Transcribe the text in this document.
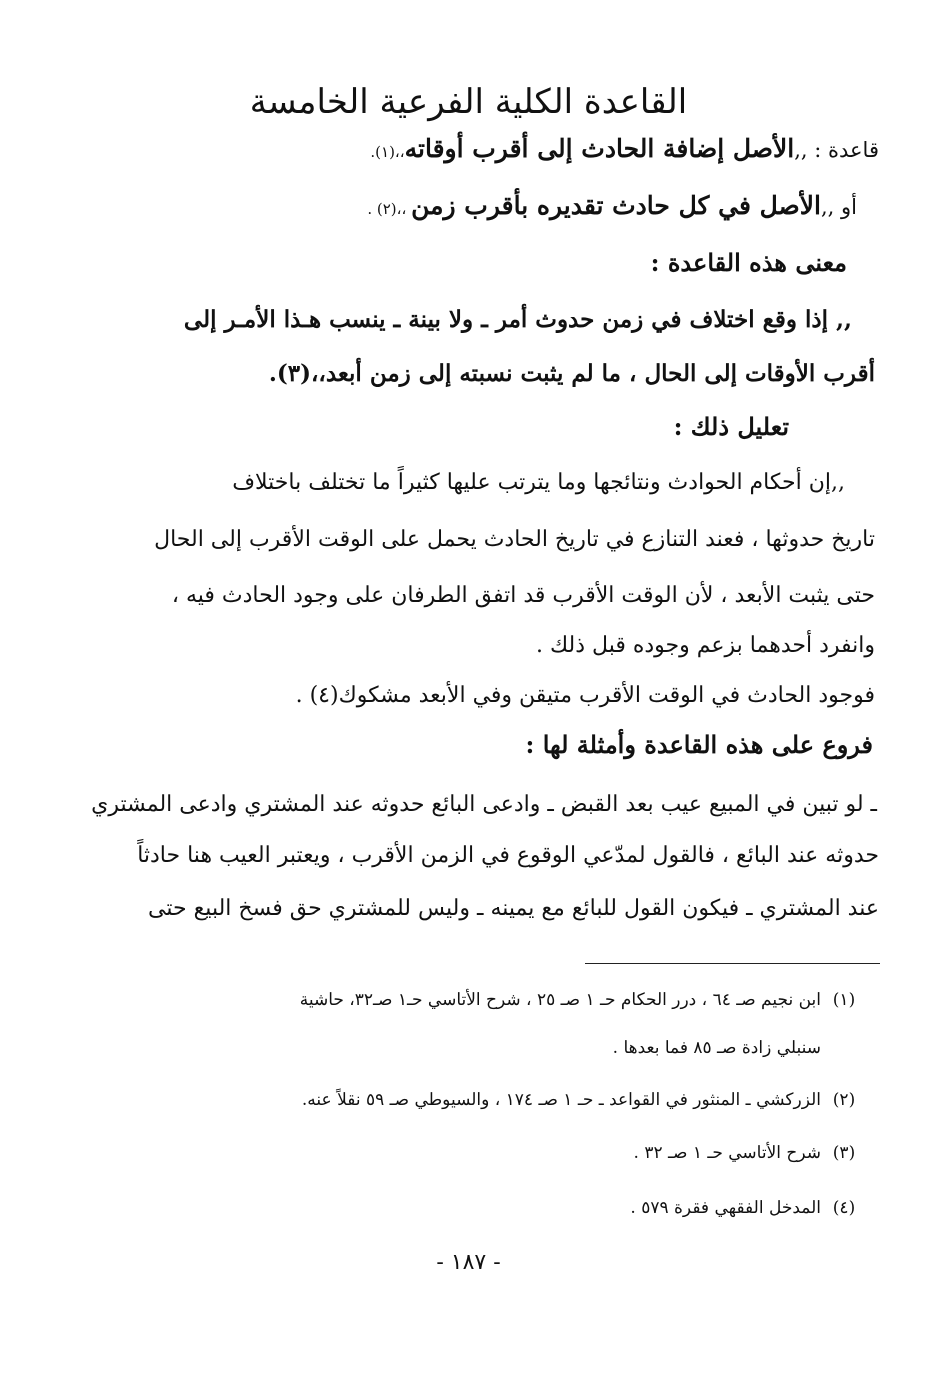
القاعدة الكلية الفرعية الخامسة
قاعدة : ,,الأصل إضافة الحادث إلى أقرب أوقاته،،(١).
أو ,,الأصل في كل حادث تقديره بأقرب زمن ،،(٢) .
معنى هذه القاعدة :
,, إذا وقع اختلاف في زمن حدوث أمر ـ ولا بينة ـ ينسب هـذا الأمـر إلى
أقرب الأوقات إلى الحال ، ما لم يثبت نسبته إلى زمن أبعد،،(٣).
تعليل ذلك :
,,إن أحكام الحوادث ونتائجها وما يترتب عليها كثيراً ما تختلف باختلاف
تاريخ حدوثها ، فعند التنازع في تاريخ الحادث يحمل على الوقت الأقرب إلى الحال
حتى يثبت الأبعد ، لأن الوقت الأقرب قد اتفق الطرفان على وجود الحادث فيه ،
وانفرد أحدهما بزعم وجوده قبل ذلك .
فوجود الحادث في الوقت الأقرب متيقن وفي الأبعد مشكوك(٤) .
فروع على هذه القاعدة وأمثلة لها :
ـ لو تبين في المبيع عيب بعد القبض ـ وادعى البائع حدوثه عند المشتري وادعى المشتري
حدوثه عند البائع ، فالقول لمدّعي الوقوع في الزمن الأقرب ، ويعتبر العيب هنا حادثاً
عند المشتري ـ فيكون القول للبائع مع يمينه ـ وليس للمشتري حق فسخ البيع حتى
(١)ابن نجيم صـ ٦٤ ، درر الحكام حـ ١ صـ ٢٥ ، شرح الأتاسي حـ١ صـ٣٢، حاشية
سنبلي زادة صـ ٨٥ فما بعدها .
(٢)الزركشي ـ المنثور في القواعد ـ حـ ١ صـ ١٧٤ ، والسيوطي صـ ٥٩ نقلاً عنه.
(٣)شرح الأتاسي حـ ١ صـ ٣٢ .
(٤)المدخل الفقهي فقرة ٥٧٩ .
- ١٨٧ -
